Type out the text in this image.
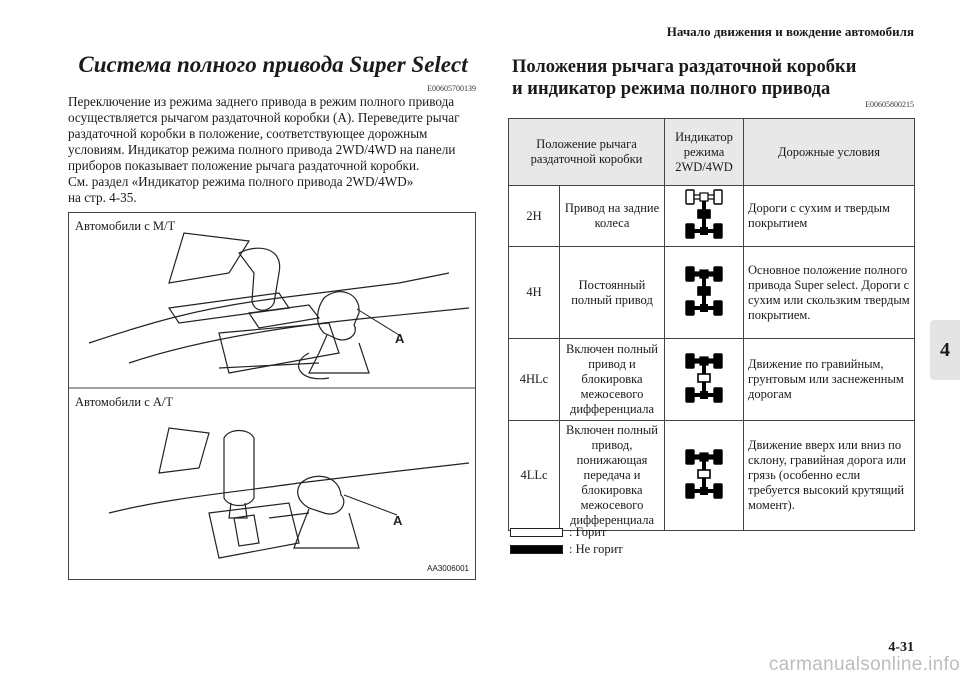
Начало движения и вождение автомобиля
4
Система полного привода Super Select
E00605700139

Переключение из режима заднего привода в режим полного привода осуществляется рычагом раздаточной коробки (A). Переведите рычаг раздаточной коробки в положение, соответствующее дорожным условиям. Индикатор режима полного привода 2WD/4WD на панели приборов показывает положение рычага раздаточной коробки.

См. раздел «Индикатор режима полного привода 2WD/4WD»

на стр. 4-35.

Автомобили с M/T
A
A
Автомобили с A/T
AA3006001
Положения рычага раздаточной коробки
и индикатор режима полного привода
E00605800215
Положение рычага раздаточной коробки		Индикатор режима 2WD/4WD	Дорожные условия
2H	Привод на задние колеса		Дороги с сухим и твердым покрытием
4H	Постоянный полный привод		Основное положение полного привода Super select. Дороги с сухим или скользким твердым покрытием.
4HLc	Включен полный привод и блокировка межосевого дифференциала		Движение по гравийным, грунтовым или заснеженным дорогам
4LLc	Включен полный привод, понижающая передача и блокировка межосевого дифференциала		Движение вверх или вниз по склону, гравийная дорога или грязь (особенно если требуется высокий крутящий момент).
: Горит
: Не горит
4-31
carmanualsonline.info
